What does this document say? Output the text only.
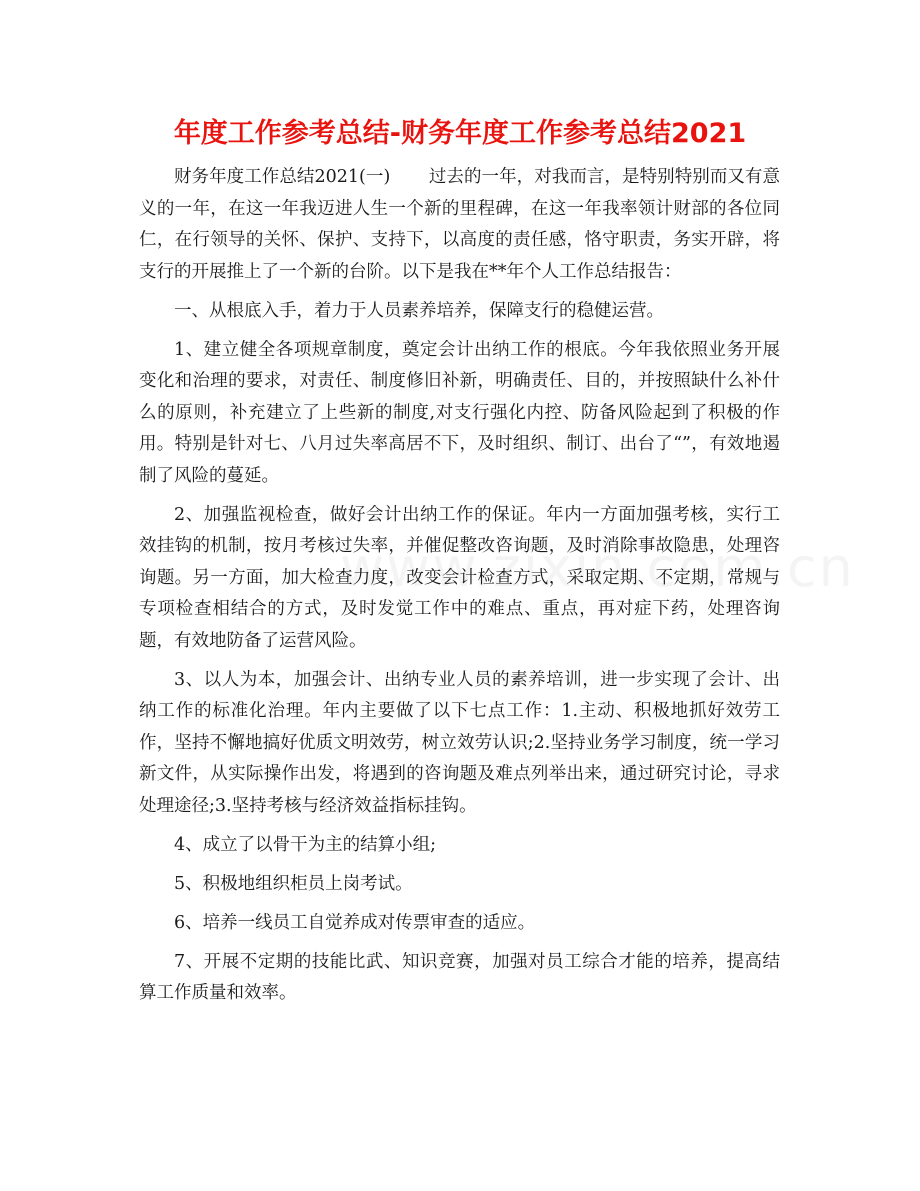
年度工作参考总结-财务年度工作参考总结2021

财务年度工作总结2021(一) 过去的一年，对我而言，是特别特别而又有意义的一年，在这一年我迈进人生一个新的里程碑，在这一年我率领计财部的各位同仁，在行领导的关怀、保护、支持下，以高度的责任感，恪守职责，务实开辟，将支行的开展推上了一个新的台阶。以下是我在**年个人工作总结报告：

一、从根底入手，着力于人员素养培养，保障支行的稳健运营。

1、建立健全各项规章制度，奠定会计出纳工作的根底。今年我依照业务开展变化和治理的要求，对责任、制度修旧补新，明确责任、目的，并按照缺什么补什么的原则，补充建立了上些新的制度,对支行强化内控、防备风险起到了积极的作用。特别是针对七、八月过失率高居不下，及时组织、制订、出台了“”，有效地遏制了风险的蔓延。

2、加强监视检查，做好会计出纳工作的保证。年内一方面加强考核，实行工效挂钩的机制，按月考核过失率，并催促整改咨询题，及时消除事故隐患，处理咨询题。另一方面，加大检查力度，改变会计检查方式，采取定期、不定期，常规与专项检查相结合的方式，及时发觉工作中的难点、重点，再对症下药，处理咨询题，有效地防备了运营风险。

3、以人为本，加强会计、出纳专业人员的素养培训，进一步实现了会计、出纳工作的标准化治理。年内主要做了以下七点工作：1.主动、积极地抓好效劳工作，坚持不懈地搞好优质文明效劳，树立效劳认识;2.坚持业务学习制度，统一学习新文件，从实际操作出发，将遇到的咨询题及难点列举出来，通过研究讨论，寻求处理途径;3.坚持考核与经济效益指标挂钩。

4、成立了以骨干为主的结算小组;

5、积极地组织柜员上岗考试。

6、培养一线员工自觉养成对传票审查的适应。

7、开展不定期的技能比武、知识竞赛，加强对员工综合才能的培养，提高结算工作质量和效率。
